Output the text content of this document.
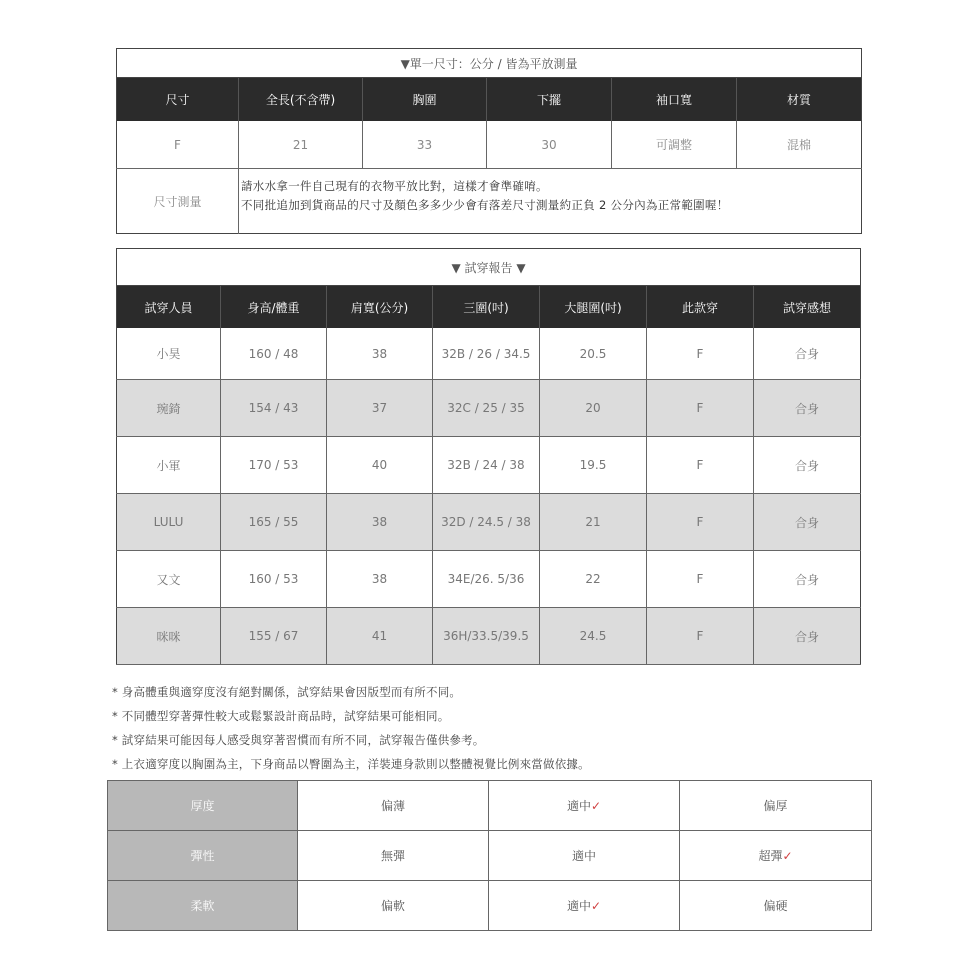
▼單一尺寸：公分 / 皆為平放測量					
尺寸	全長(不含帶)	胸圍	下擺	袖口寬	材質
F	21	33	30	可調整	混棉
尺寸測量	請水水拿一件自己現有的衣物平放比對，這樣才會準確唷。
不同批追加到貨商品的尺寸及顏色多多少少會有落差尺寸測量約正負 2 公分內為正常範圍喔！				
▼ 試穿報告 ▼						
試穿人員	身高/體重	肩寬(公分)	三圍(吋)	大腿圍(吋)	此款穿	試穿感想
小昊	160 / 48	38	32B / 26 / 34.5	20.5	F	合身
琬錡	154 / 43	37	32C / 25 / 35	20	F	合身
小軍	170 / 53	40	32B / 24 / 38	19.5	F	合身
LULU	165 / 55	38	32D / 24.5 / 38	21	F	合身
又文	160 / 53	38	34E/26. 5/36	22	F	合身
咪咪	155 / 67	41	36H/33.5/39.5	24.5	F	合身
* 身高體重與適穿度沒有絕對關係，試穿結果會因版型而有所不同。
* 不同體型穿著彈性較大或鬆緊設計商品時，試穿結果可能相同。
* 試穿結果可能因每人感受與穿著習慣而有所不同，試穿報告僅供參考。
* 上衣適穿度以胸圍為主，下身商品以臀圍為主，洋裝連身款則以整體視覺比例來當做依據。
厚度	偏薄	適中✓	偏厚
彈性	無彈	適中	超彈✓
柔軟	偏軟	適中✓	偏硬
